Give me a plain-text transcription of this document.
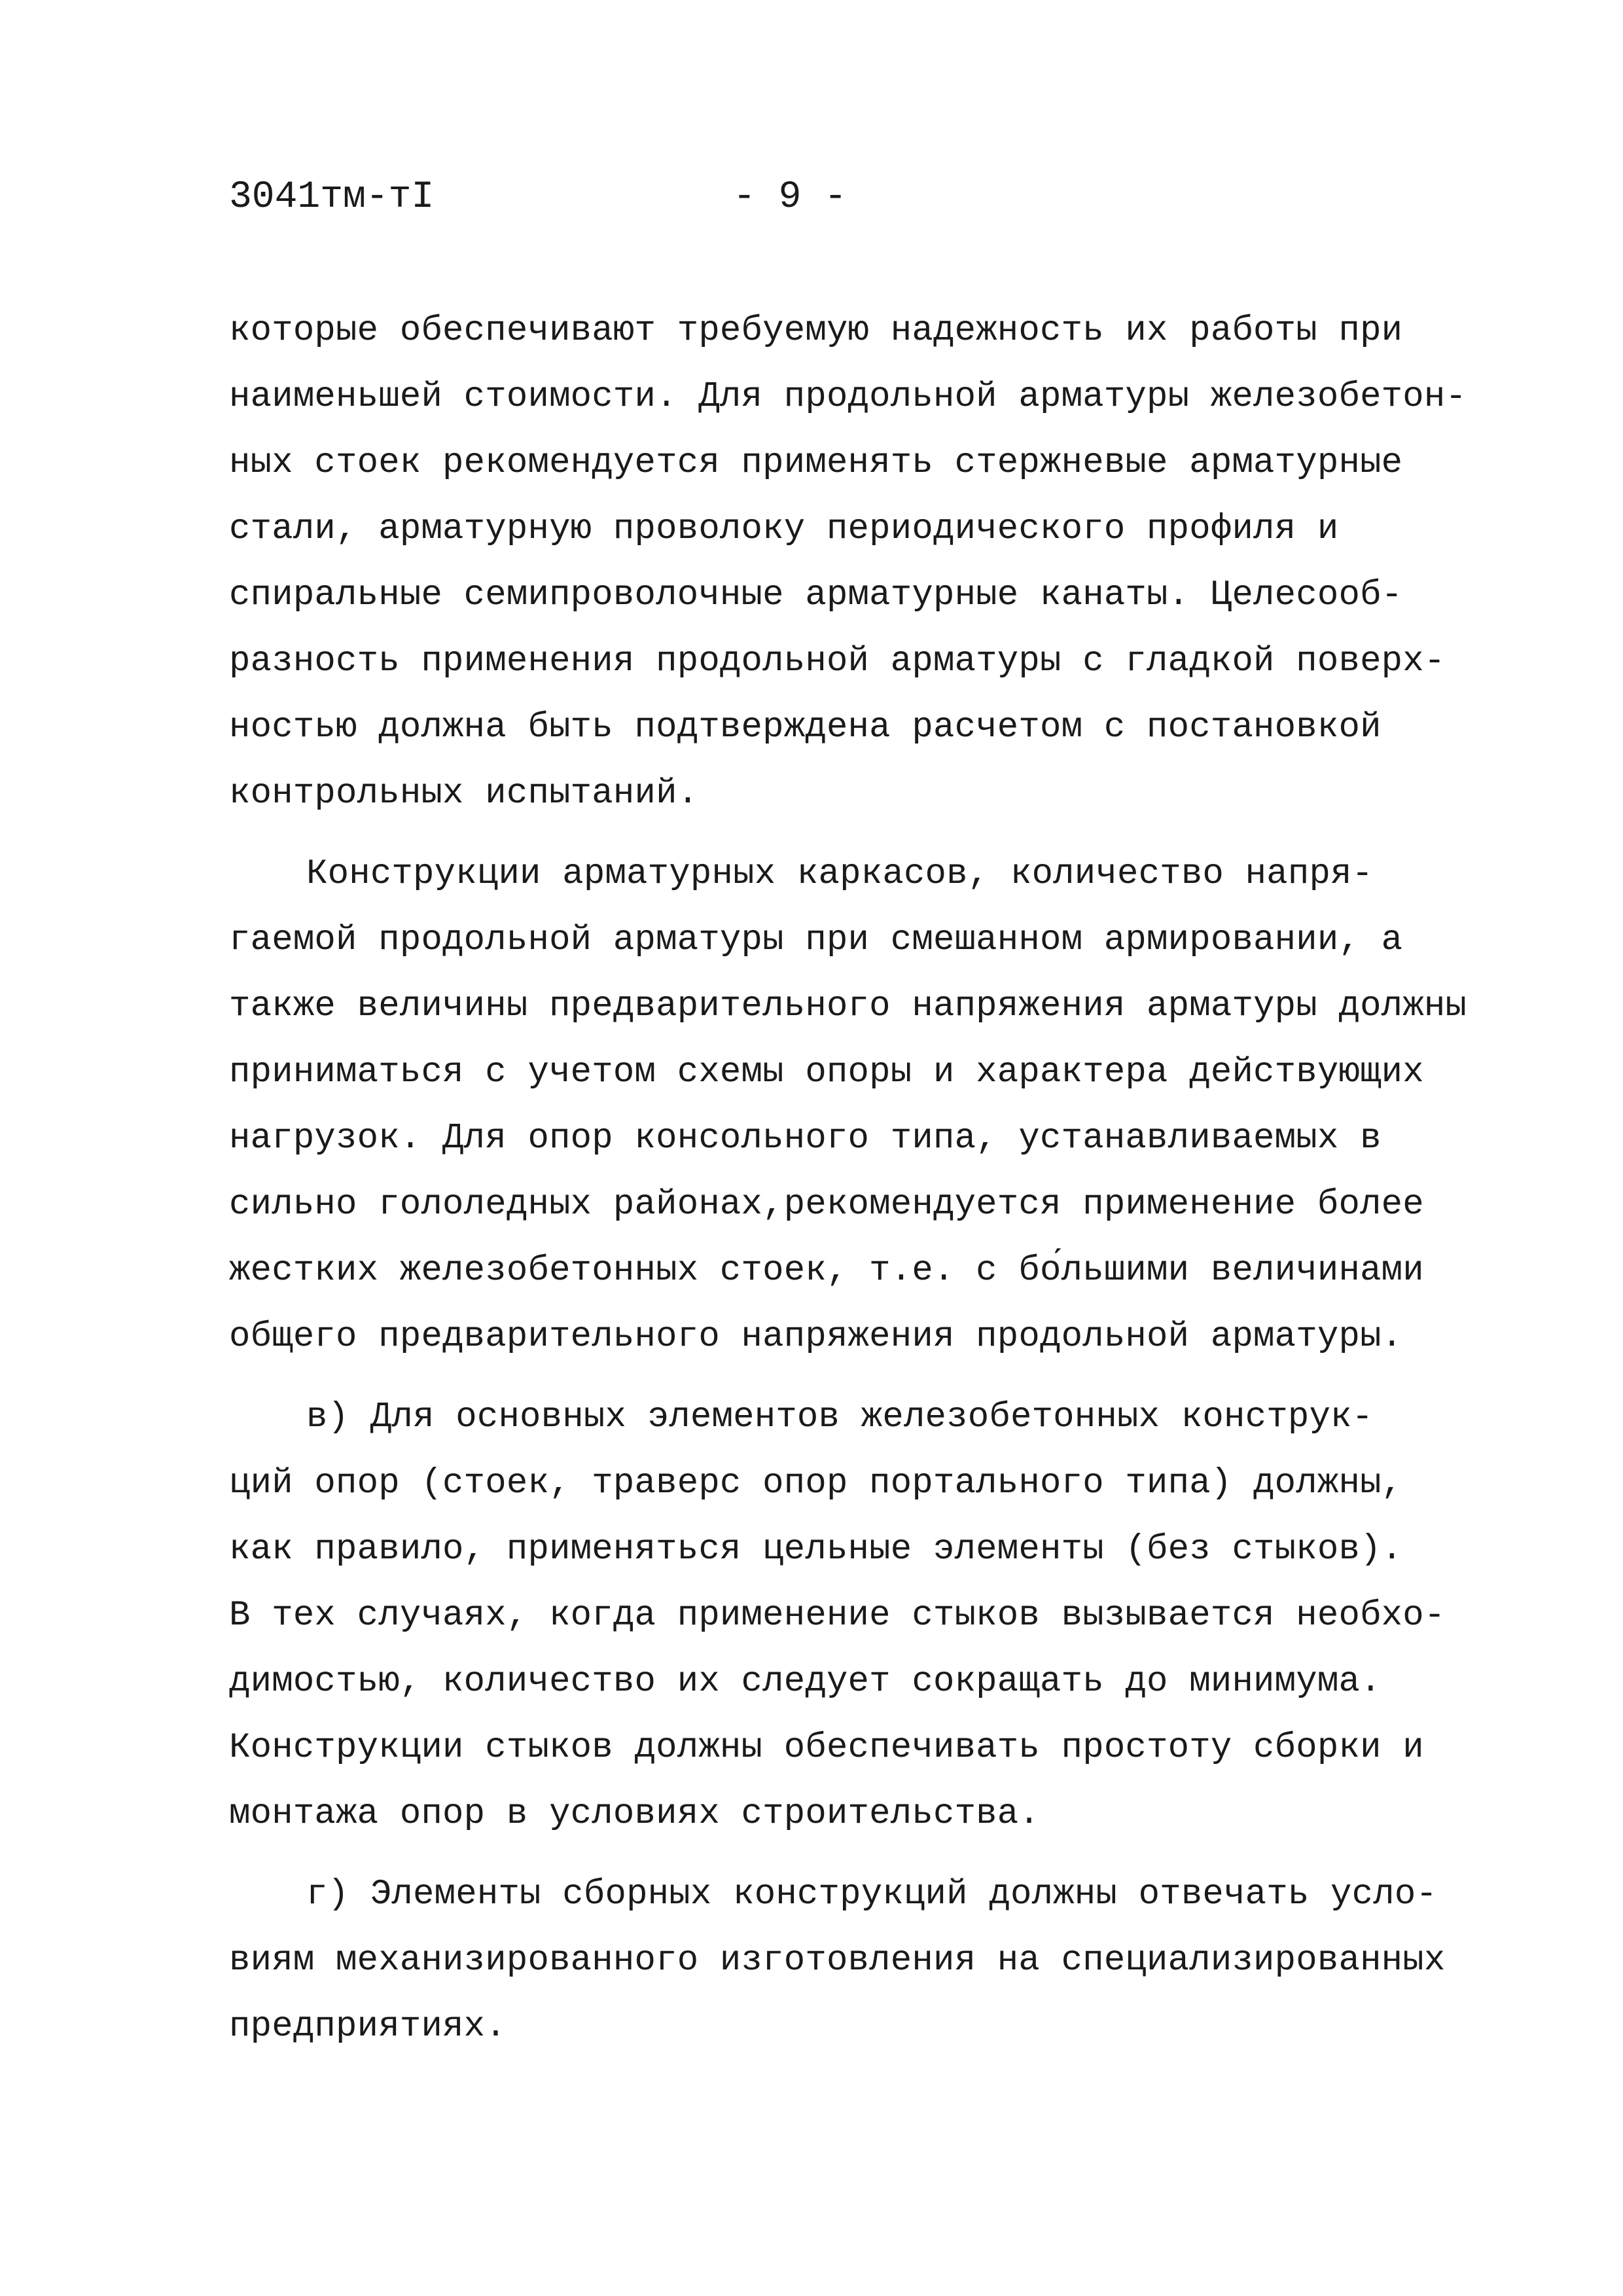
3041тм-тI	- 9 -

которые обеспечивают требуемую надежность их работы при
наименьшей стоимости. Для продольной арматуры железобетон-
ных стоек рекомендуется применять стержневые арматурные
стали, арматурную проволоку периодического профиля и
спиральные семипроволочные арматурные канаты. Целесооб-
разность применения продольной арматуры с гладкой поверх-
ностью должна быть подтверждена расчетом с постановкой
контрольных испытаний.

Конструкции арматурных каркасов, количество напря-
гаемой продольной арматуры при смешанном армировании, а
также величины предварительного напряжения арматуры должны
приниматься с учетом схемы опоры и характера действующих
нагрузок. Для опор консольного типа, устанавливаемых в
сильно гололедных районах,рекомендуется применение более
жестких железобетонных стоек, т.е. с бо́льшими величинами
общего предварительного напряжения продольной арматуры.

в) Для основных элементов железобетонных конструк-
ций опор (стоек, траверс опор портального типа) должны,
как правило, применяться цельные элементы (без стыков).
В тех случаях, когда применение стыков вызывается необхо-
димостью, количество их следует сокращать до минимума.
Конструкции стыков должны обеспечивать простоту сборки и
монтажа опор в условиях строительства.

г) Элементы сборных конструкций должны отвечать усло-
виям механизированного изготовления на специализированных
предприятиях.
